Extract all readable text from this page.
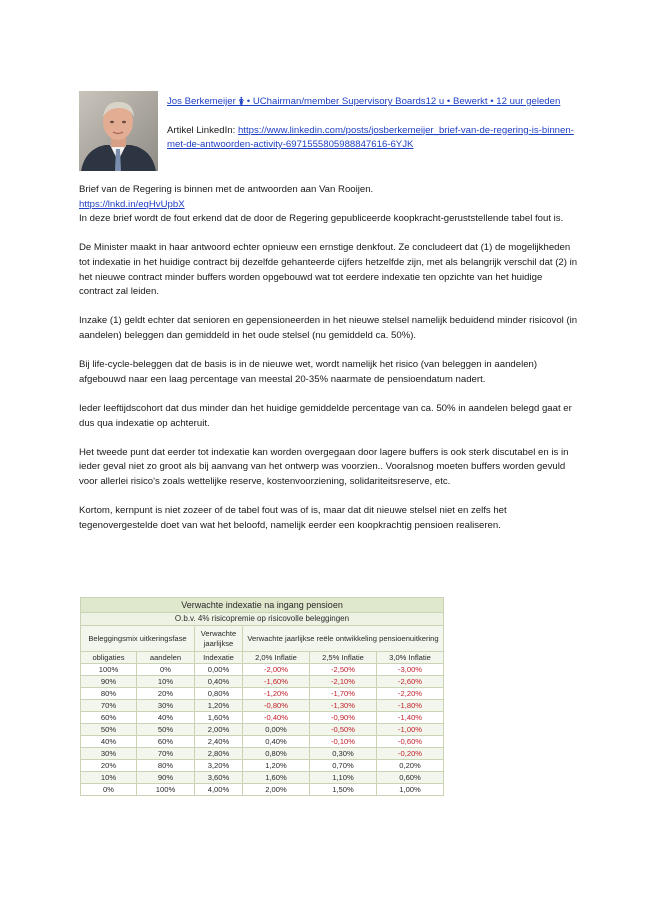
Jos Berkemeijer 🛊 • UChairman/member Supervisory Boards12 u • Bewerkt • 12 uur geleden
Artikel LinkedIn: https://www.linkedin.com/posts/josberkemeijer_brief-van-de-regering-is-binnen-met-de-antwoorden-activity-6971555805988847616-6YJK

Brief van de Regering is binnen met de antwoorden aan Van Rooijen.
https://lnkd.in/eqHvUpbX
In deze brief wordt de fout erkend dat de door de Regering gepubliceerde koopkracht-geruststellende tabel fout is.

De Minister maakt in haar antwoord echter opnieuw een ernstige denkfout. Ze concludeert dat (1) de mogelijkheden tot indexatie in het huidige contract bij dezelfde gehanteerde cijfers hetzelfde zijn, met als belangrijk verschil dat (2) in het nieuwe contract minder buffers worden opgebouwd wat tot eerdere indexatie ten opzichte van het huidige contract zal leiden.

Inzake (1) geldt echter dat senioren en gepensioneerden in het nieuwe stelsel namelijk beduidend minder risicovol (in aandelen) beleggen dan gemiddeld in het oude stelsel (nu gemiddeld ca. 50%).

Bij life-cycle-beleggen dat de basis is in de nieuwe wet, wordt namelijk het risico (van beleggen in aandelen) afgebouwd naar een laag percentage van meestal 20-35% naarmate de pensioendatum nadert.

Ieder leeftijdscohort dat dus minder dan het huidige gemiddelde percentage van ca. 50% in aandelen belegd gaat er dus qua indexatie op achteruit.

Het tweede punt dat eerder tot indexatie kan worden overgegaan door lagere buffers is ook sterk discutabel en is in ieder geval niet zo groot als bij aanvang van het ontwerp was voorzien.. Vooralsnog moeten buffers worden gevuld voor allerlei risico's zoals wettelijke reserve, kostenvoorziening, solidariteitsreserve, etc.

Kortom, kernpunt is niet zozeer of de tabel fout was of is, maar dat dit nieuwe stelsel niet en zelfs het tegenovergestelde doet van wat het beloofd, namelijk eerder een koopkrachtig pensioen realiseren.

Verwachte indexatie na ingang pensioen					
O.b.v. 4% risicopremie op risicovolle beleggingen					
Beleggingsmix uitkeringsfase		Verwachte jaarlijkse	Verwachte jaarlijkse reële ontwikkeling pensioenuitkering		
obligaties	aandelen	Indexatie	2,0% Inflatie	2,5% Inflatie	3,0% Inflatie
100%	0%	0,00%	-2,00%	-2,50%	-3,00%
90%	10%	0,40%	-1,60%	-2,10%	-2,60%
80%	20%	0,80%	-1,20%	-1,70%	-2,20%
70%	30%	1,20%	-0,80%	-1,30%	-1,80%
60%	40%	1,60%	-0,40%	-0,90%	-1,40%
50%	50%	2,00%	0,00%	-0,50%	-1,00%
40%	60%	2,40%	0,40%	-0,10%	-0,60%
30%	70%	2,80%	0,80%	0,30%	-0,20%
20%	80%	3,20%	1,20%	0,70%	0,20%
10%	90%	3,60%	1,60%	1,10%	0,60%
0%	100%	4,00%	2,00%	1,50%	1,00%
